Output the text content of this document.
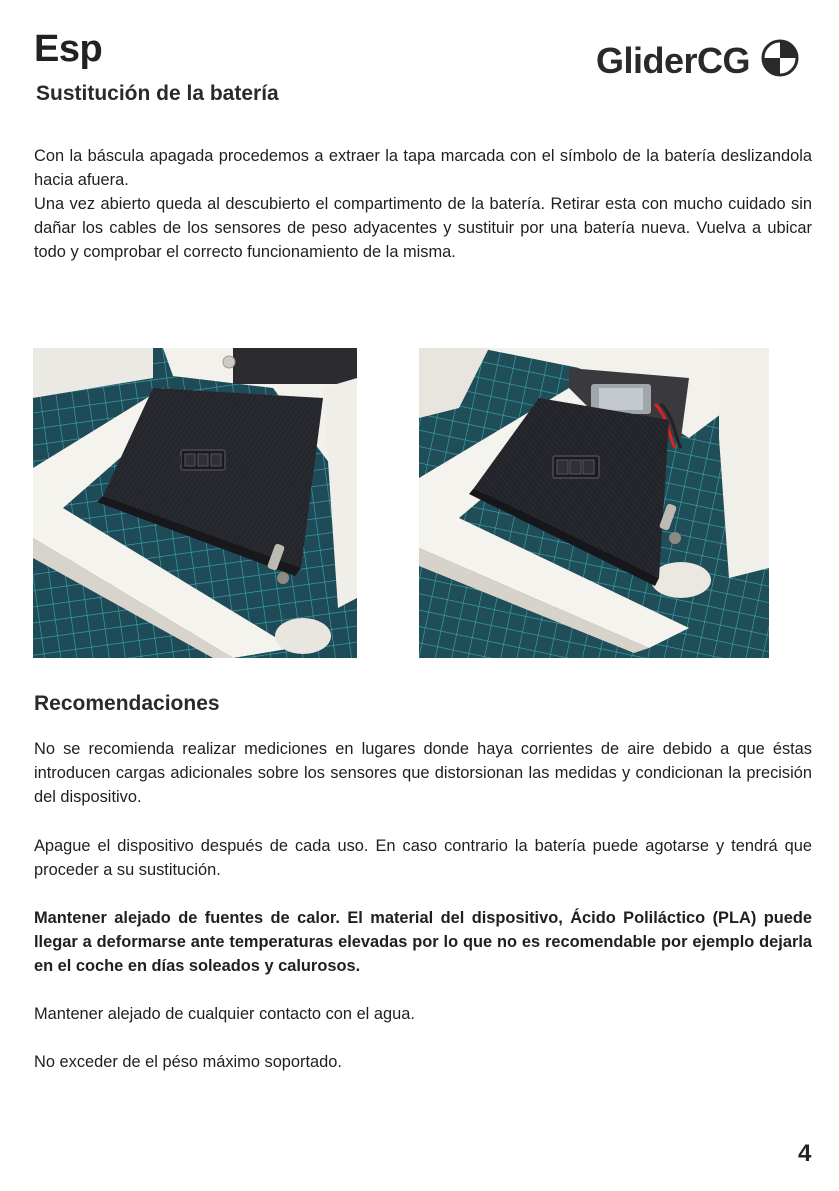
Esp	GliderCG
Sustitución de la batería
Con la báscula apagada procedemos a extraer la tapa marcada con el símbolo de la batería deslizandola hacia afuera.
Una vez abierto queda al descubierto el compartimento de la batería. Retirar esta con mucho cuidado sin dañar los cables de los sensores de peso adyacentes y sustituir por una batería nueva. Vuelva a ubicar todo y comprobar el correcto funcionamiento de la misma.
Recomendaciones

No se recomienda realizar mediciones en lugares donde haya corrientes de aire debido a que éstas introducen cargas adicionales sobre los sensores que distorsionan las medidas y condicionan la precisión del dispositivo.

Apague el dispositivo después de cada uso. En caso contrario la batería puede agotarse y tendrá que proceder a su sustitución.

Mantener alejado de fuentes de calor. El material del dispositivo, Ácido Poliláctico (PLA) puede llegar a deformarse ante temperaturas elevadas por lo que no es recomendable por ejemplo dejarla en el coche en días soleados y calurosos.

Mantener alejado de cualquier contacto con el agua.

No exceder de el péso máximo soportado.

4
